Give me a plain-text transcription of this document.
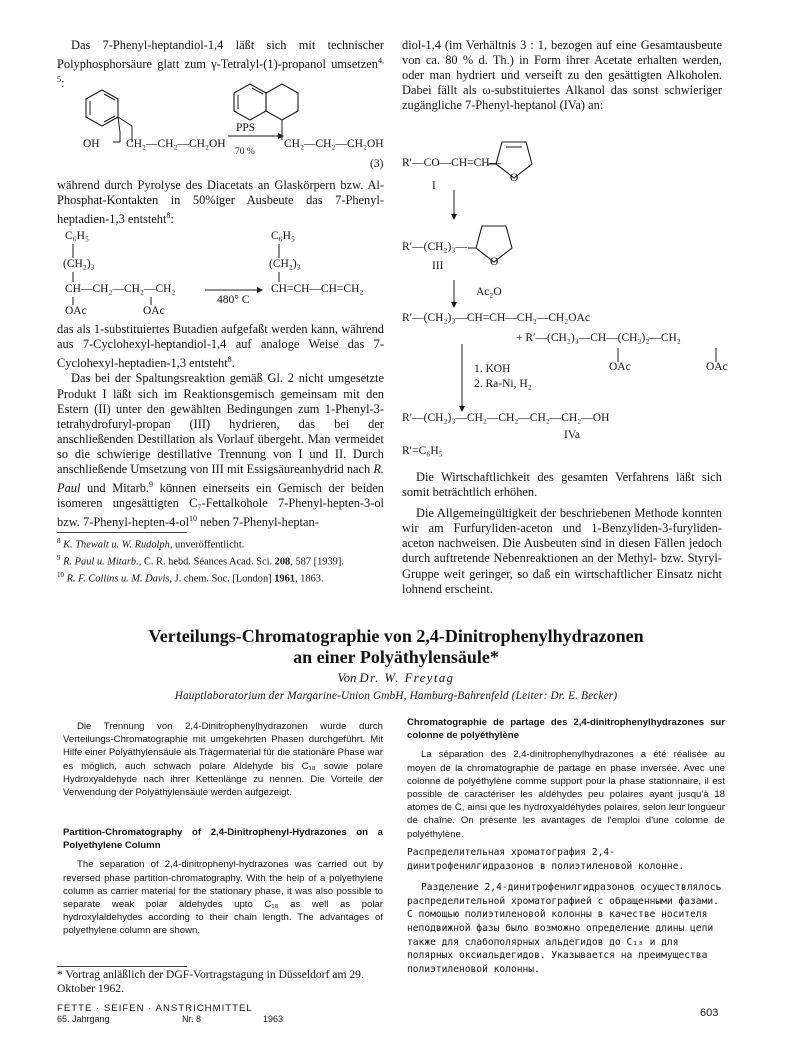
Das 7-Phenyl-heptandiol-1,4 läßt sich mit technischer Polyphosphorsäure glatt zum γ-Tetralyl-(1)-propanol umsetzen$^{4, 5}$:

OH CH₂—CH₂—CH₂OH
PPS
70 %
CH₂—CH₂—CH₂OH
(3)

während durch Pyrolyse des Diacetats an Glaskörpern bzw. Al-Phosphat-Kontakten in 50%iger Ausbeute das 7-Phenyl-heptadien-1,3 entsteht$^8$:

C₆H₅
(CH₂)₃
CH—CH₂—CH₂—CH₂
OAc	OAc
480° C
C₆H₅
(CH₂)₃
CH=CH—CH=CH₂

das als 1-substituiertes Butadien aufgefaßt werden kann, während aus 7-Cyclohexyl-heptandiol-1,4 auf analoge Weise das 7-Cyclohexyl-heptadien-1,3 entsteht$^8$.

Das bei der Spaltungsreaktion gemäß Gl. 2 nicht umgesetzte Produkt I läßt sich im Reaktionsgemisch gemeinsam mit den Estern (II) unter den gewählten Bedingungen zum 1-Phenyl-3-tetrahydrofuryl-propan (III) hydrieren, das bei der anschließenden Destillation als Vorlauf übergeht. Man vermeidet so die schwierige destillative Trennung von I und II. Durch anschließende Umsetzung von III mit Essigsäureanhydrid nach R. Paul und Mitarb.$^9$ können einerseits ein Gemisch der beiden isomeren ungesättigten C₇-Fettalkohole 7-Phenyl-hepten-3-ol bzw. $7-Phenyl-hepten-4-ol^{10}$ neben 7-Phenyl-heptan-

$^8$ K. Thewalt u. W. Rudolph, unveröffentlicht.

$^9$ R. Paul u. Mitarb., C. R. hebd. Séances Acad. Sci. 208, 587 [1939].

$^{10}$ R. F. Collins u. M. Davis, J. chem. Soc. [London] 1961, 1863.

diol-1,4 (im Verhältnis 3 : 1, bezogen auf eine Gesamtausbeute von ca. 80 % d. Th.) in Form ihrer Acetate erhalten werden, oder man hydriert und verseift zu den gesättigten Alkoholen. Dabei fällt als ω-substituiertes Alkanol das sonst schwieriger zugängliche 7-Phenyl-heptanol (IVa) an:

R′—CO—CH=CH—
O
I
R′—(CH₂)₃—
O
III
Ac₂O
R′—(CH₂)₃—CH=CH—CH₂—CH₂OAc
+ R′—(CH₂)₃—CH—(CH₂)₂—CH₂
OAc	OAc
1. KOH
2. Ra-Ni, H₂
R′—(CH₂)₃—CH₂—CH₂—CH₂—CH₂—OH
IVa
R′=C₆H₅

Die Wirtschaftlichkeit des gesamten Verfahrens läßt sich somit beträchtlich erhöhen.

Die Allgemeingültigkeit der beschriebenen Methode konnten wir am Furfuryliden-aceton und 1-Benzyliden-3-furyliden-aceton nachweisen. Die Ausbeuten sind in diesen Fällen jedoch durch auftretende Nebenreaktionen an der Methyl- bzw. Styryl-Gruppe weit geringer, so daß ein wirtschaftlicher Einsatz nicht lohnend erscheint.

Verteilungs-Chromatographie von 2,4-Dinitrophenylhydrazonen
an einer Polyäthylensäule*
Von Dr. W. Freytag
Hauptlaboratorium der Margarine-Union GmbH, Hamburg-Bahrenfeld (Leiter: Dr. E. Becker)

Die Trennung von 2,4-Dinitrophenylhydrazonen wurde durch Verteilungs-Chromatographie mit umgekehrten Phasen durchgeführt. Mit Hilfe einer Polyäthylensäule als Trägermaterial für die stationäre Phase war es möglich, auch schwach polare Aldehyde bis C₁₈ sowie polare Hydroxyaldehyde nach ihrer Kettenlänge zu nennen. Die Vorteile der Verwendung der Polyäthylensäule werden aufgezeigt.

Partition-Chromatography of 2,4-Dinitrophenyl-Hydrazones on a Polyethylene Column

The separation of 2,4-dinitrophenyl-hydrazones was carried out by reversed phase partition-chromatography. With the help of a polyethylene column as carrier material for the stationary phase, it was also possible to separate weak polar aldehydes upto C₁₈ as well as polar hydroxylaldehydes according to their chain length. The advantages of polyethylene column are shown.

Chromatographie de partage des 2,4-dinitrophenylhydrazones sur colonne de polyéthylène

La séparation des 2,4-dinitrophenylhydrazones a été réalisée au moyen de la chromatographie de partage en phase inversée. Avec une colonne de polyéthylène comme support pour la phase stationnaire, il est possible de caractériser les aldéhydes peu polaires ayant jusqu'à 18 atomes de C, ainsi que les hydroxyaldéhydes polaires, selon leur longueur de chaîne. On présente les avantages de l'emploi d'une colonne de polyéthylène.

Распределительная хроматография 2,4-динитрофенилгидразонов в полиэтиленовой колонне.

Разделение 2,4-динитрофенилгидразонов осуществлялось распределительной хроматографией с обращенными фазами. С помощью полиэтиленовой колонны в качестве носителя неподвижной фазы было возможно определение длины цепи также для слабополярных альдегидов до C₁₈ и для полярных оксиальдегидов. Указывается на преимущества полиэтиленовой колонны.

* Vortrag anläßlich der DGF-Vortragstagung in Düsseldorf am 29. Oktober 1962.
FETTE · SEIFEN · ANSTRICHMITTEL
65. Jahrgang	Nr. 8	1963	603
